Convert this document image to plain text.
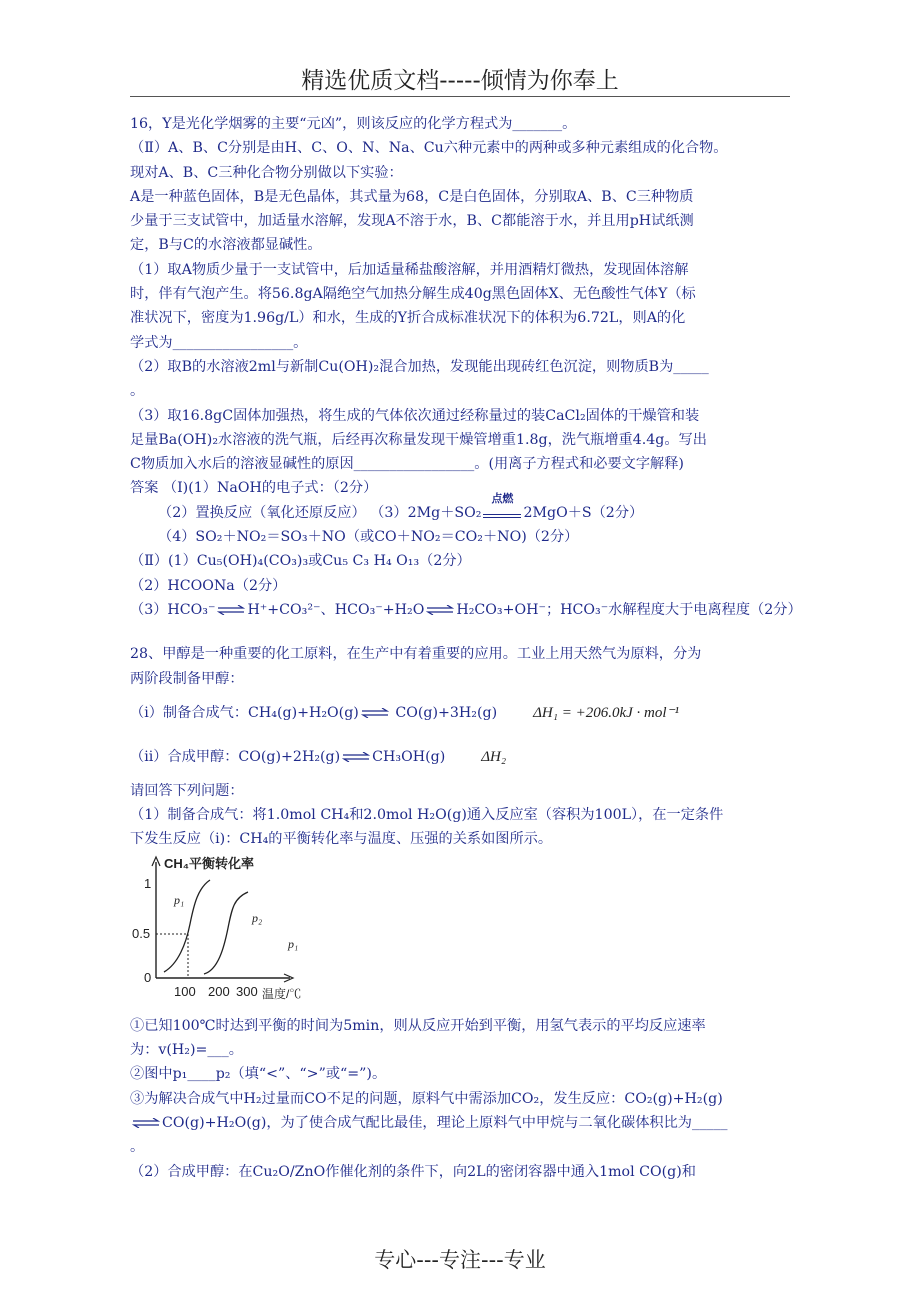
精选优质文档-----倾情为你奉上
16，Y是光化学烟雾的主要“元凶”，则该反应的化学方程式为_______。
（Ⅱ）A、B、C分别是由H、C、O、N、Na、Cu六种元素中的两种或多种元素组成的化合物。
现对A、B、C三种化合物分别做以下实验：
A是一种蓝色固体，B是无色晶体，其式量为68，C是白色固体，分别取A、B、C三种物质
少量于三支试管中，加适量水溶解，发现A不溶于水，B、C都能溶于水，并且用pH试纸测
定，B与C的水溶液都显碱性。
（1）取A物质少量于一支试管中，后加适量稀盐酸溶解，并用酒精灯微热，发现固体溶解
时，伴有气泡产生。将56.8gA隔绝空气加热分解生成40g黑色固体X、无色酸性气体Y（标
准状况下，密度为1.96g/L）和水，生成的Y折合成标准状况下的体积为6.72L，则A的化
学式为_________________。
（2）取B的水溶液2ml与新制Cu(OH)₂混合加热，发现能出现砖红色沉淀，则物质B为_____
。
（3）取16.8gC固体加强热，将生成的气体依次通过经称量过的装CaCl₂固体的干燥管和装
足量Ba(OH)₂水溶液的洗气瓶，后经再次称量发现干燥管增重1.8g，洗气瓶增重4.4g。写出
C物质加入水后的溶液显碱性的原因_________________。(用离子方程式和必要文字解释)
答案 （Ⅰ)(1）NaOH的电子式：（2分）
（2）置换反应（氧化还原反应） （3）2Mg＋SO₂
点燃
2MgO＋S（2分）
（4）SO₂＋NO₂＝SO₃＋NO（或CO＋NO₂＝CO₂＋NO)（2分）
（Ⅱ）(1）Cu₅(OH)₄(CO₃)₃或Cu₅ C₃ H₄ O₁₃（2分）
（2）HCOONa（2分）
（3）HCO₃⁻ ⇌ H⁺+CO₃²⁻、HCO₃⁻+H₂O ⇌ H₂CO₃+OH⁻；HCO₃⁻水解程度大于电离程度（2分）
28、甲醇是一种重要的化工原料，在生产中有着重要的应用。工业上用天然气为原料，分为
两阶段制备甲醇：
（i）制备合成气：CH₄(g)+H₂O(g) ⇌ CO(g)+3H₂(g) ΔH₁ = +206.0kJ · mol⁻¹
（ii）合成甲醇：CO(g)+2H₂(g) ⇌ CH₃OH(g) ΔH₂
请回答下列问题：
（1）制备合成气：将1.0mol CH₄和2.0mol H₂O(g)通入反应室（容积为100L），在一定条件
下发生反应（i)：CH₄的平衡转化率与温度、压强的关系如图所示。
CH₄平衡转化率
1
0.5
0
p₁
p₂
p₁
100 200 300 温度/℃
①已知100℃时达到平衡的时间为5min，则从反应开始到平衡，用氢气表示的平均反应速率
为：v(H₂)=___。
②图中p₁____p₂（填“<”、“>”或“=”)。
③为解决合成气中H₂过量而CO不足的问题，原料气中需添加CO₂，发生反应：CO₂(g)+H₂(g)
⇌ CO(g)+H₂O(g)，为了使合成气配比最佳，理论上原料气中甲烷与二氧化碳体积比为_____
。
（2）合成甲醇：在Cu₂O/ZnO作催化剂的条件下，向2L的密闭容器中通入1mol CO(g)和
专心---专注---专业
